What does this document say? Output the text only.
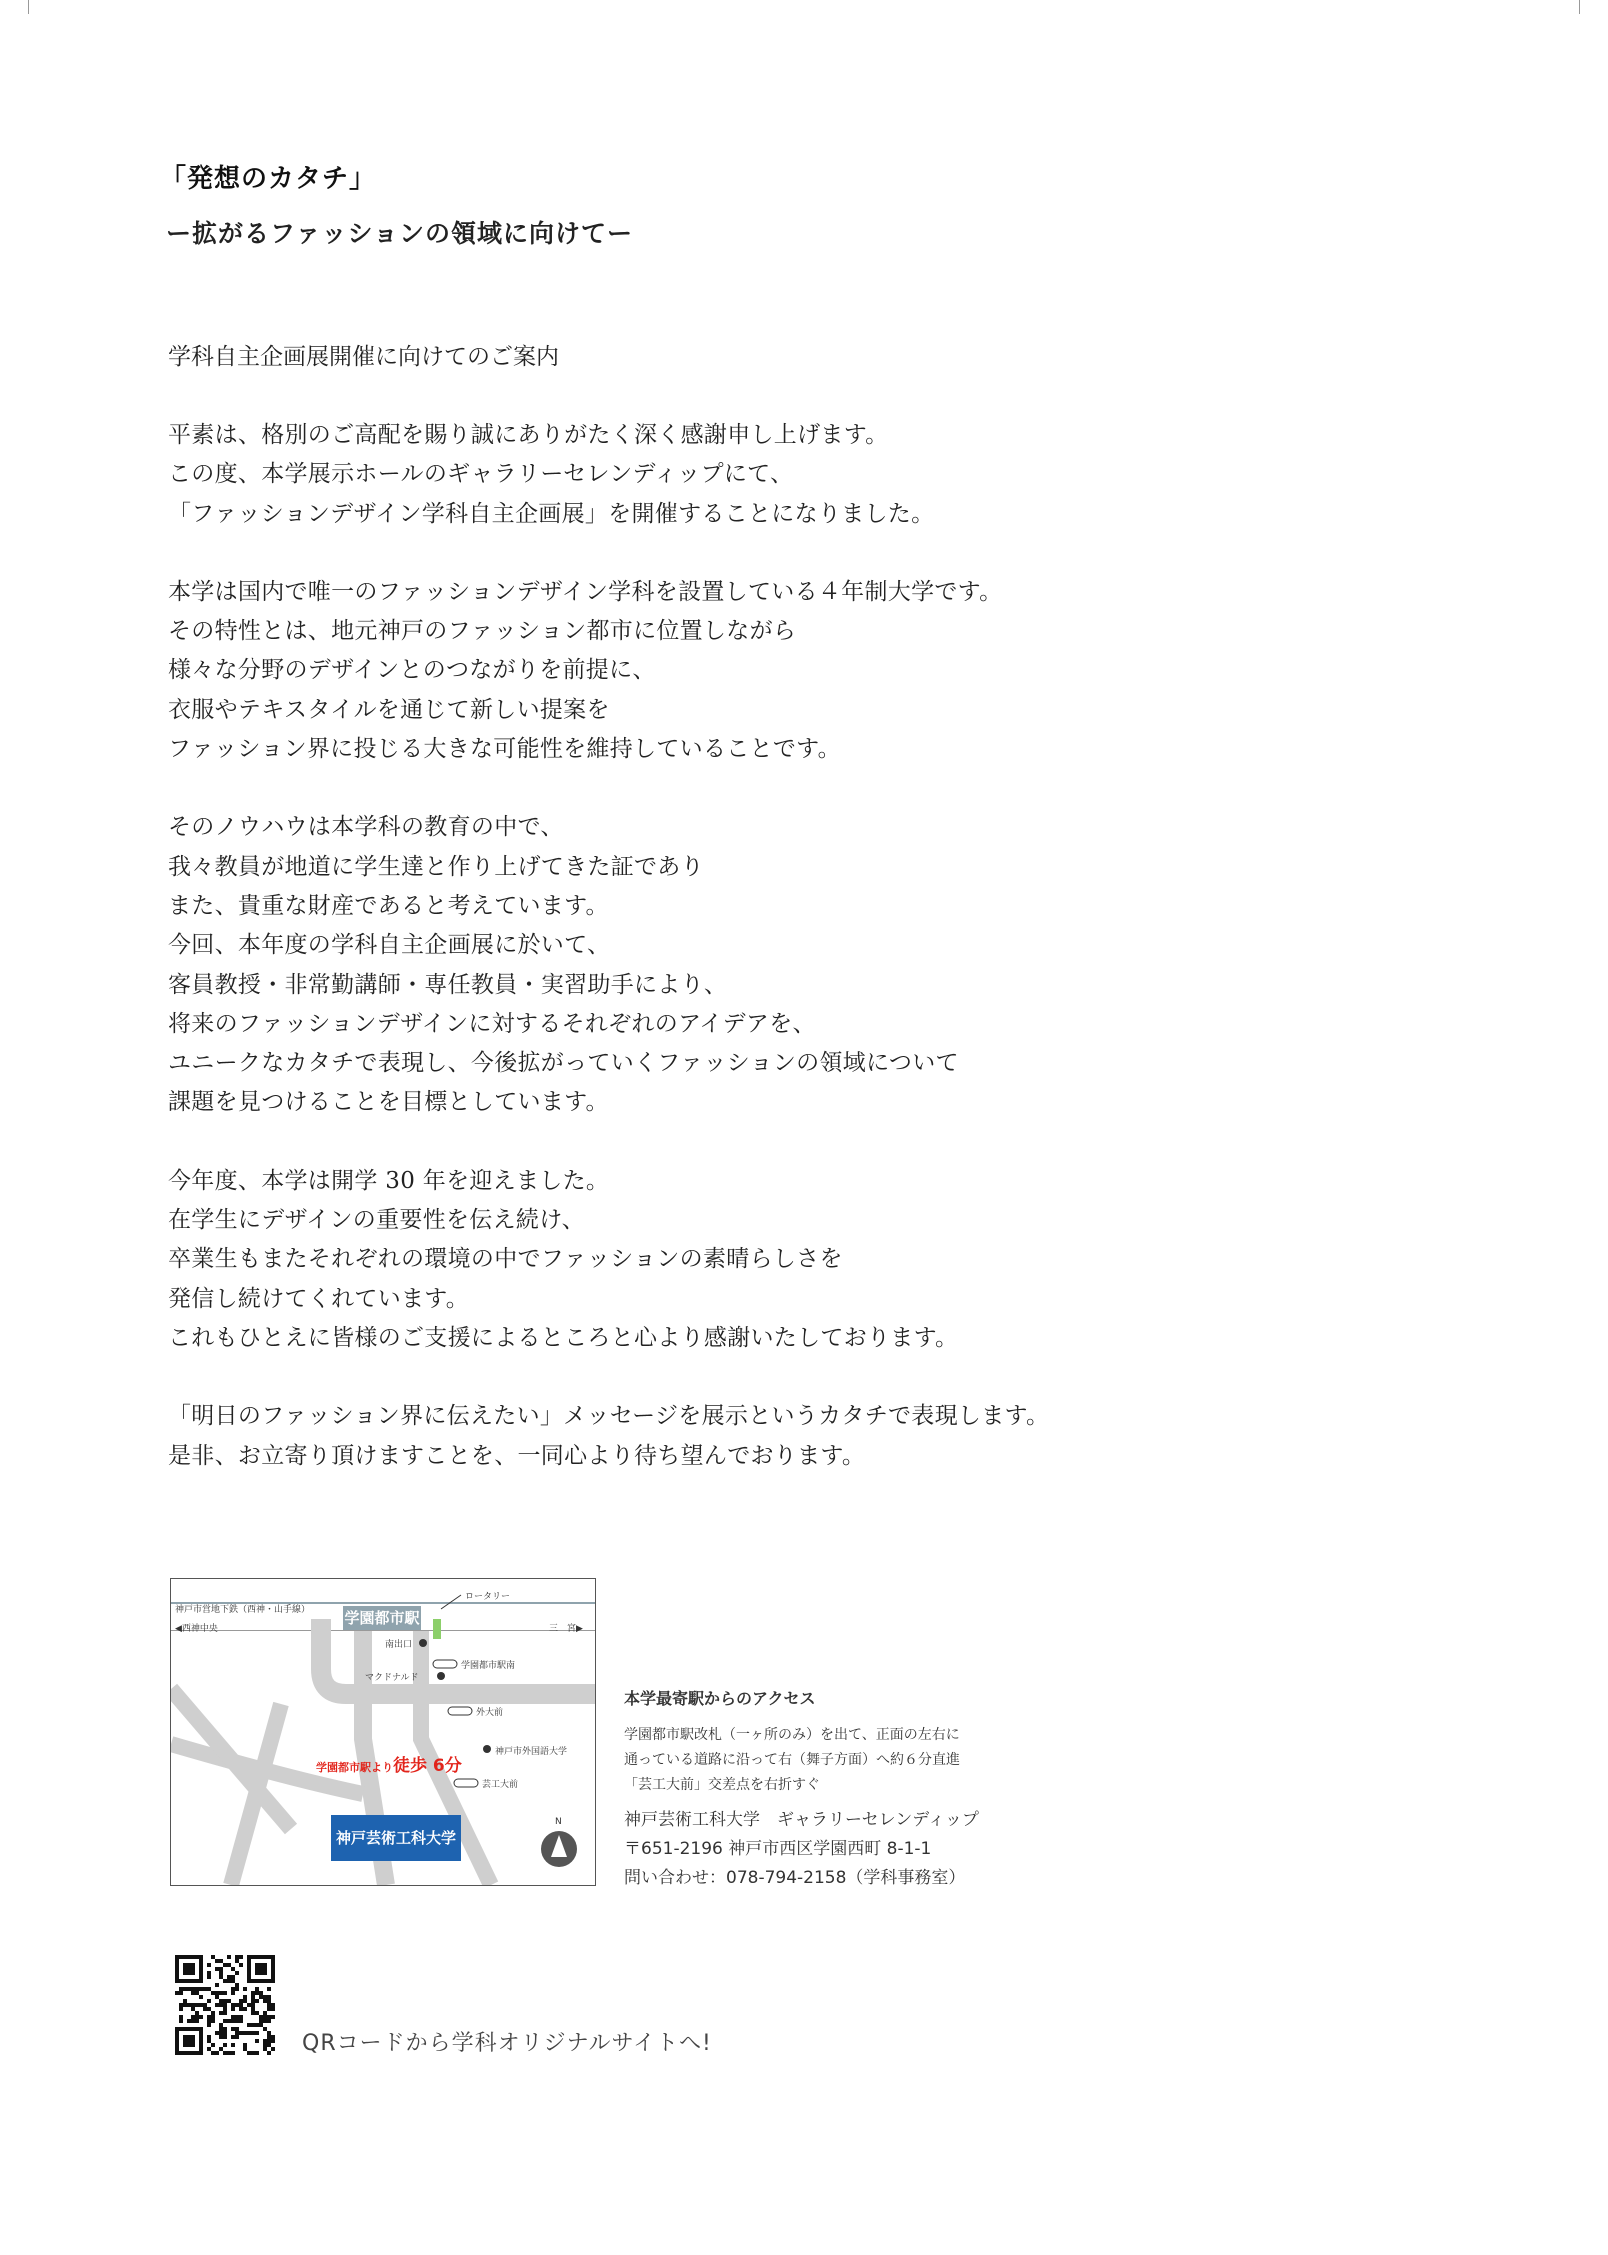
「発想のカタチ」
ー拡がるファッションの領域に向けてー
学科自主企画展開催に向けてのご案内

平素は、格別のご高配を賜り誠にありがたく深く感謝申し上げます。

この度、本学展示ホールのギャラリーセレンディップにて、

「ファッションデザイン学科自主企画展」を開催することになりました。

本学は国内で唯一のファッションデザイン学科を設置している４年制大学です。

その特性とは、地元神戸のファッション都市に位置しながら

様々な分野のデザインとのつながりを前提に、

衣服やテキスタイルを通じて新しい提案を

ファッション界に投じる大きな可能性を維持していることです。

そのノウハウは本学科の教育の中で、

我々教員が地道に学生達と作り上げてきた証であり

また、貴重な財産であると考えています。

今回、本年度の学科自主企画展に於いて、

客員教授・非常勤講師・専任教員・実習助手により、

将来のファッションデザインに対するそれぞれのアイデアを、

ユニークなカタチで表現し、今後拡がっていくファッションの領域について

課題を見つけることを目標としています。

今年度、本学は開学 30 年を迎えました。

在学生にデザインの重要性を伝え続け、

卒業生もまたそれぞれの環境の中でファッションの素晴らしさを

発信し続けてくれています。

これもひとえに皆様のご支援によるところと心より感謝いたしております。

「明日のファッション界に伝えたい」メッセージを展示というカタチで表現します。

是非、お立寄り頂けますことを、一同心より待ち望んでおります。

神戸市営地下鉄（西神・山手線）
◀西神中央	三　宮▶
学園都市駅
ロータリー
南出口
マクドナルド
学園都市駅南
外大前
神戸市外国語大学
芸工大前
学園都市駅より徒歩 6分
神戸芸術工科大学
N
本学最寄駅からのアクセス
学園都市駅改札（一ヶ所のみ）を出て、正面の左右に
通っている道路に沿って右（舞子方面）へ約６分直進
「芸工大前」交差点を右折すぐ
神戸芸術工科大学　ギャラリーセレンディップ
〒651-2196 神戸市西区学園西町 8-1-1
問い合わせ：078-794-2158（学科事務室）
QRコードから学科オリジナルサイトへ!
